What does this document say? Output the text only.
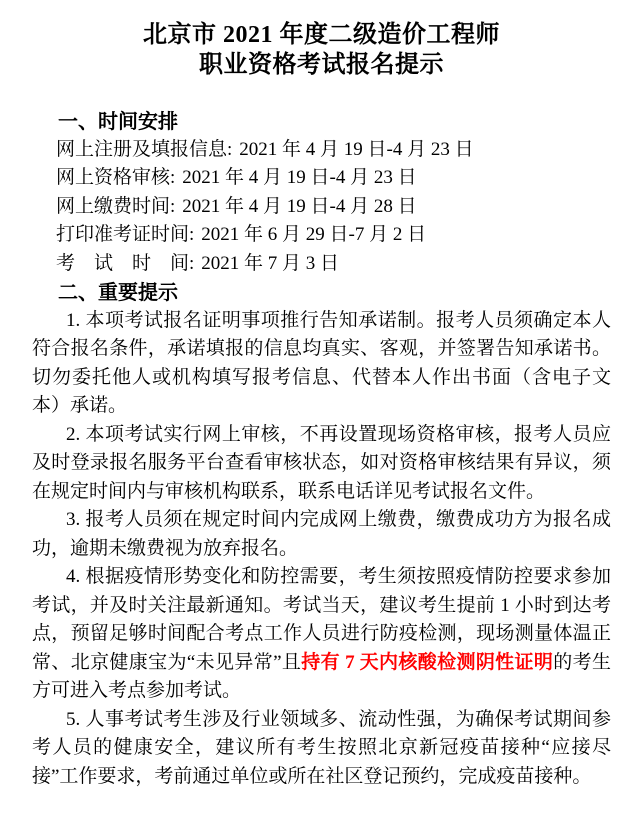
北京市 2021 年度二级造价工程师
职业资格考试报名提示
一、时间安排
网上注册及填报信息: 2021 年 4 月 19 日-4 月 23 日
网上资格审核: 2021 年 4 月 19 日-4 月 23 日
网上缴费时间: 2021 年 4 月 19 日-4 月 28 日
打印准考证时间: 2021 年 6 月 29 日-7 月 2 日
考　试　时　间: 2021 年 7 月 3 日
二、重要提示

1. 本项考试报名证明事项推行告知承诺制。报考人员须确定本人符合报名条件，承诺填报的信息均真实、客观，并签署告知承诺书。切勿委托他人或机构填写报考信息、代替本人作出书面（含电子文本）承诺。

2. 本项考试实行网上审核，不再设置现场资格审核，报考人员应及时登录报名服务平台查看审核状态，如对资格审核结果有异议，须在规定时间内与审核机构联系，联系电话详见考试报名文件。

3. 报考人员须在规定时间内完成网上缴费，缴费成功方为报名成功，逾期未缴费视为放弃报名。

4. 根据疫情形势变化和防控需要，考生须按照疫情防控要求参加考试，并及时关注最新通知。考试当天，建议考生提前 1 小时到达考点，预留足够时间配合考点工作人员进行防疫检测，现场测量体温正常、北京健康宝为“未见异常”且持有 7 天内核酸检测阴性证明的考生方可进入考点参加考试。

5. 人事考试考生涉及行业领域多、流动性强，为确保考试期间参考人员的健康安全，建议所有考生按照北京新冠疫苗接种“应接尽接”工作要求，考前通过单位或所在社区登记预约，完成疫苗接种。
